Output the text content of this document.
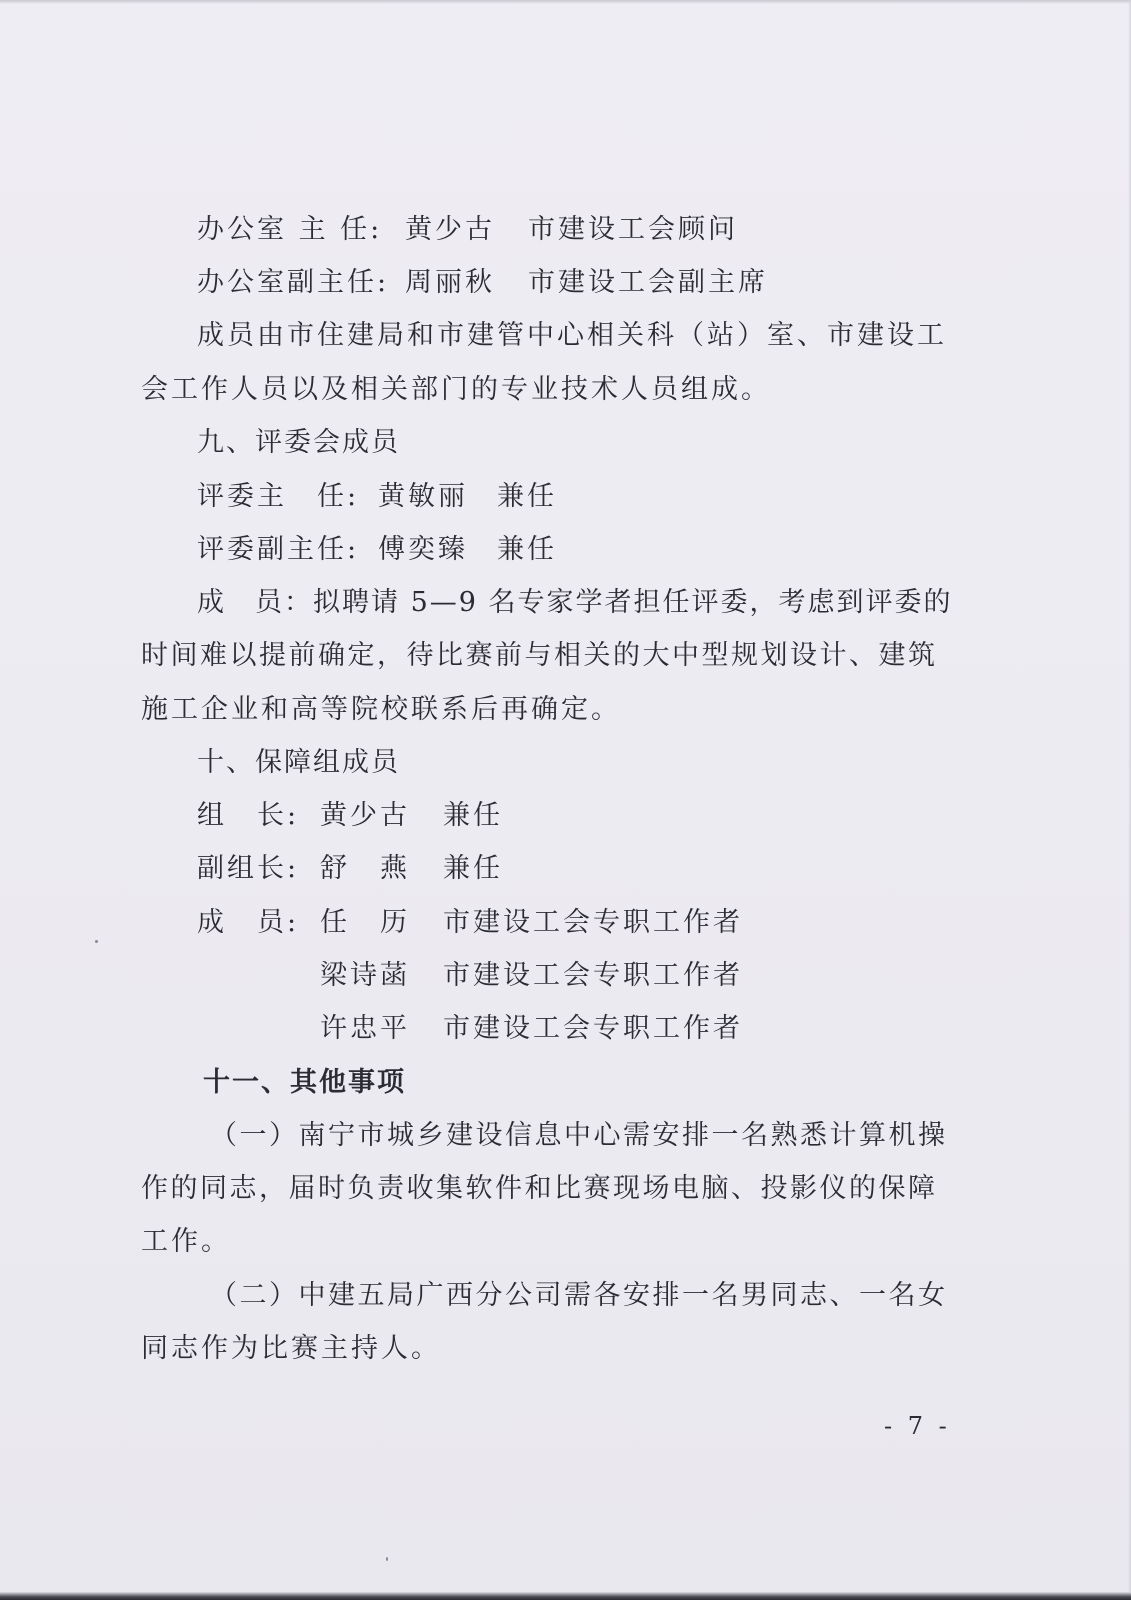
办公室 主 任: 黄少古 市建设工会顾问
办公室副主任: 周丽秋 市建设工会副主席
成员由市住建局和市建管中心相关科（站）室、市建设工
会工作人员以及相关部门的专业技术人员组成。
九、评委会成员
评委主　任: 黄敏丽 兼任
评委副主任: 傅奕臻 兼任
成　员：拟聘请 5—9 名专家学者担任评委，考虑到评委的
时间难以提前确定，待比赛前与相关的大中型规划设计、建筑
施工企业和高等院校联系后再确定。
十、保障组成员
组　长: 黄少古 兼任
副组长: 舒　燕 兼任
成　员: 任　历 市建设工会专职工作者
梁诗菡 市建设工会专职工作者
许忠平 市建设工会专职工作者
十一、其他事项
（一）南宁市城乡建设信息中心需安排一名熟悉计算机操
作的同志，届时负责收集软件和比赛现场电脑、投影仪的保障
工作。
（二）中建五局广西分公司需各安排一名男同志、一名女
同志作为比赛主持人。
- 7 -
